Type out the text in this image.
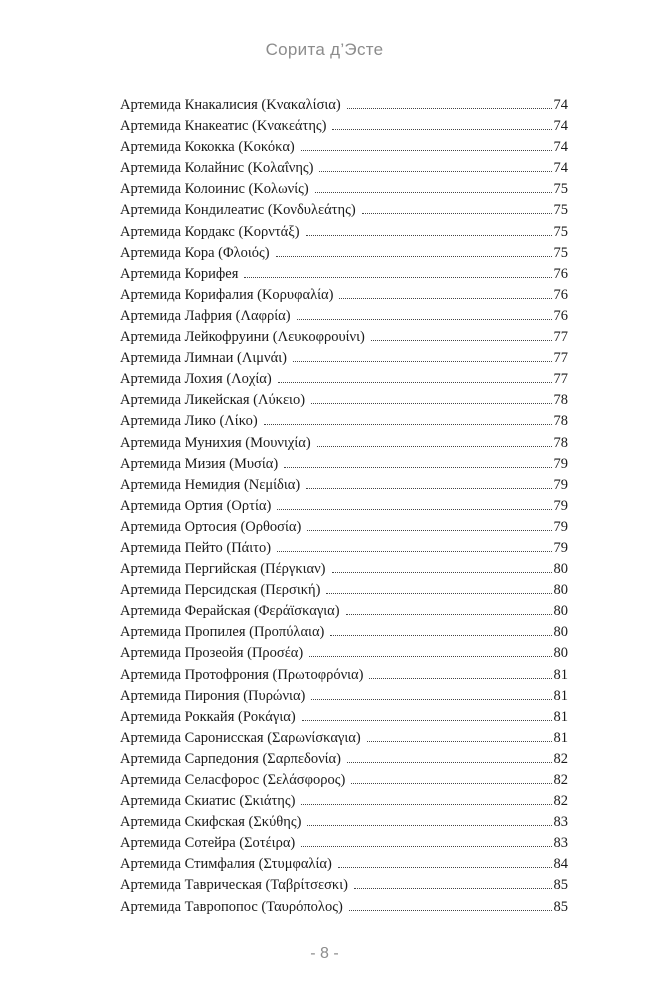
Сорита д’Эсте
Артемида Кнакалисия (Κνακαλίσια)	74
Артемида Кнакеатис (Κνακεάτης)	74
Артемида Кококка (Κοκόκα)	74
Артемида Колайнис (Κολαΐνης)	74
Артемида Колоинис (Κολωνίς)	75
Артемида Кондилеатис (Κονδυλεάτης)	75
Артемида Кордакс (Κορντάξ)	75
Артемида Кора (Φλοιός)	75
Артемида Корифея	76
Артемида Корифалия (Κορυφαλία)	76
Артемида Лафрия (Λαφρία)	76
Артемида Лейкофруини (Λευκοφρουίνι)	77
Артемида Лимнаи (Λιμνάι)	77
Артемида Лохия (Λοχία)	77
Артемида Ликейская (Λύκειο)	78
Артемида Лико (Λίκο)	78
Артемида Мунихия (Μουνιχία)	78
Артемида Мизия (Μυσία)	79
Артемида Немидия (Νεμίδια)	79
Артемида Ортия (Ορτία)	79
Артемида Ортосия (Ορθοσία)	79
Артемида Пейто (Πάιτο)	79
Артемида Пергийская (Πέργκιαν)	80
Артемида Персидская (Περσική)	80
Артемида Ферайская (Φεράϊσκαγια)	80
Артемида Пропилея (Προπύλαια)	80
Артемида Прозеойя (Προσέα)	80
Артемида Протофрония (Πρωτοφρόνια)	81
Артемида Пирония (Πυρώνια)	81
Артемида Роккайя (Ροκάγια)	81
Артемида Саронисская (Σαρωνίσκαγια)	81
Артемида Сарпедония (Σαρπεδονία)	82
Артемида Селасфорос (Σελάσφορος)	82
Артемида Скиатис (Σκιάτης)	82
Артемида Скифская (Σκύθης)	83
Артемида Сотейра (Σοτέιρα)	83
Артемида Стимфалия (Στυμφαλία)	84
Артемида Таврическая (Ταβρίτσεσκι)	85
Артемида Тавропопос (Ταυρόπολος)	85
- 8 -
